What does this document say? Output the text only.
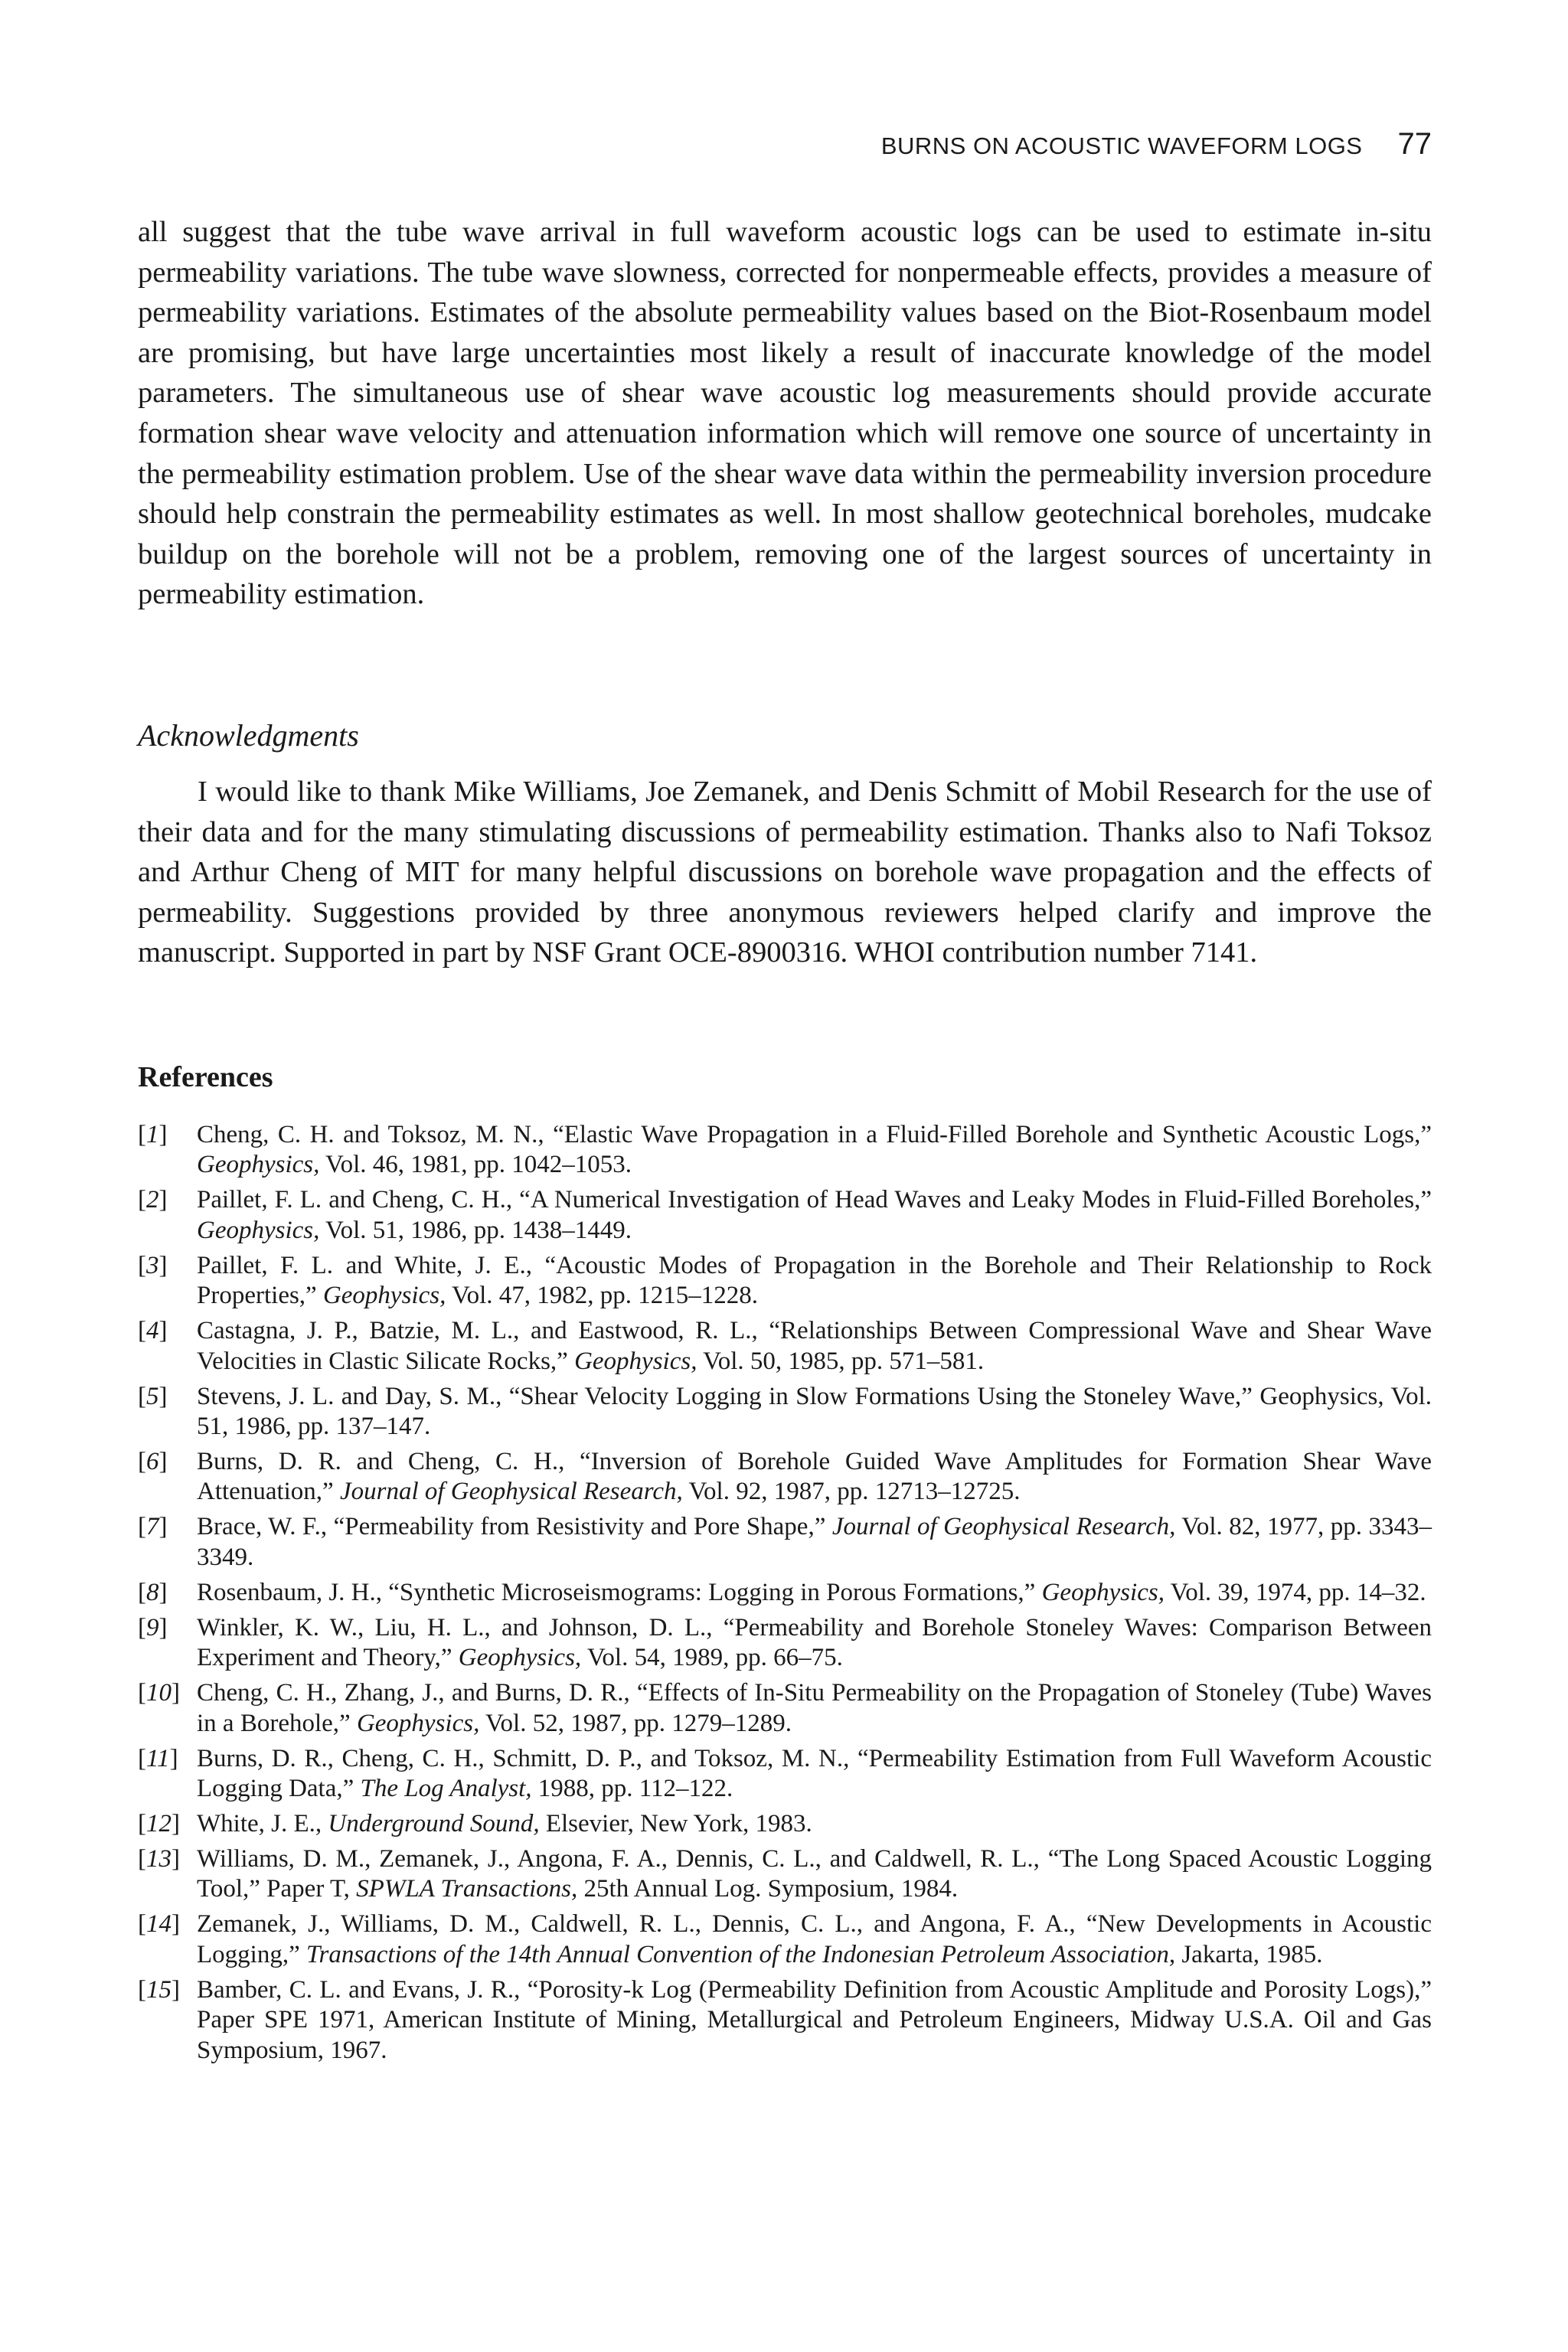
BURNS ON ACOUSTIC WAVEFORM LOGS 77

all suggest that the tube wave arrival in full waveform acoustic logs can be used to estimate in-situ permeability variations. The tube wave slowness, corrected for nonpermeable effects, provides a measure of permeability variations. Estimates of the absolute permeability values based on the Biot-Rosenbaum model are promising, but have large uncertainties most likely a result of inaccurate knowledge of the model parameters. The simultaneous use of shear wave acoustic log measurements should provide accurate formation shear wave velocity and attenuation information which will remove one source of uncertainty in the permeability estimation problem. Use of the shear wave data within the permeability inversion procedure should help constrain the permeability estimates as well. In most shallow geotechnical boreholes, mudcake buildup on the borehole will not be a problem, removing one of the largest sources of uncertainty in permeability estimation.

Acknowledgments

I would like to thank Mike Williams, Joe Zemanek, and Denis Schmitt of Mobil Research for the use of their data and for the many stimulating discussions of permeability estimation. Thanks also to Nafi Toksoz and Arthur Cheng of MIT for many helpful discussions on borehole wave propagation and the effects of permeability. Suggestions provided by three anonymous reviewers helped clarify and improve the manuscript. Supported in part by NSF Grant OCE-8900316. WHOI contribution number 7141.

References
[1]	Cheng, C. H. and Toksoz, M. N., “Elastic Wave Propagation in a Fluid-Filled Borehole and Synthetic Acoustic Logs,” Geophysics, Vol. 46, 1981, pp. 1042–1053.
[2]	Paillet, F. L. and Cheng, C. H., “A Numerical Investigation of Head Waves and Leaky Modes in Fluid-Filled Boreholes,” Geophysics, Vol. 51, 1986, pp. 1438–1449.
[3]	Paillet, F. L. and White, J. E., “Acoustic Modes of Propagation in the Borehole and Their Relationship to Rock Properties,” Geophysics, Vol. 47, 1982, pp. 1215–1228.
[4]	Castagna, J. P., Batzie, M. L., and Eastwood, R. L., “Relationships Between Compressional Wave and Shear Wave Velocities in Clastic Silicate Rocks,” Geophysics, Vol. 50, 1985, pp. 571–581.
[5]	Stevens, J. L. and Day, S. M., “Shear Velocity Logging in Slow Formations Using the Stoneley Wave,” Geophysics, Vol. 51, 1986, pp. 137–147.
[6]	Burns, D. R. and Cheng, C. H., “Inversion of Borehole Guided Wave Amplitudes for Formation Shear Wave Attenuation,” Journal of Geophysical Research, Vol. 92, 1987, pp. 12713–12725.
[7]	Brace, W. F., “Permeability from Resistivity and Pore Shape,” Journal of Geophysical Research, Vol. 82, 1977, pp. 3343–3349.
[8]	Rosenbaum, J. H., “Synthetic Microseismograms: Logging in Porous Formations,” Geophysics, Vol. 39, 1974, pp. 14–32.
[9]	Winkler, K. W., Liu, H. L., and Johnson, D. L., “Permeability and Borehole Stoneley Waves: Comparison Between Experiment and Theory,” Geophysics, Vol. 54, 1989, pp. 66–75.
[10] Cheng, C. H., Zhang, J., and Burns, D. R., “Effects of In-Situ Permeability on the Propagation of Stoneley (Tube) Waves in a Borehole,” Geophysics, Vol. 52, 1987, pp. 1279–1289.
[11] Burns, D. R., Cheng, C. H., Schmitt, D. P., and Toksoz, M. N., “Permeability Estimation from Full Waveform Acoustic Logging Data,” The Log Analyst, 1988, pp. 112–122.
[12] White, J. E., Underground Sound, Elsevier, New York, 1983.
[13] Williams, D. M., Zemanek, J., Angona, F. A., Dennis, C. L., and Caldwell, R. L., “The Long Spaced Acoustic Logging Tool,” Paper T, SPWLA Transactions, 25th Annual Log. Symposium, 1984.
[14] Zemanek, J., Williams, D. M., Caldwell, R. L., Dennis, C. L., and Angona, F. A., “New Developments in Acoustic Logging,” Transactions of the 14th Annual Convention of the Indonesian Petroleum Association, Jakarta, 1985.
[15] Bamber, C. L. and Evans, J. R., “Porosity-k Log (Permeability Definition from Acoustic Amplitude and Porosity Logs),” Paper SPE 1971, American Institute of Mining, Metallurgical and Petroleum Engineers, Midway U.S.A. Oil and Gas Symposium, 1967.
